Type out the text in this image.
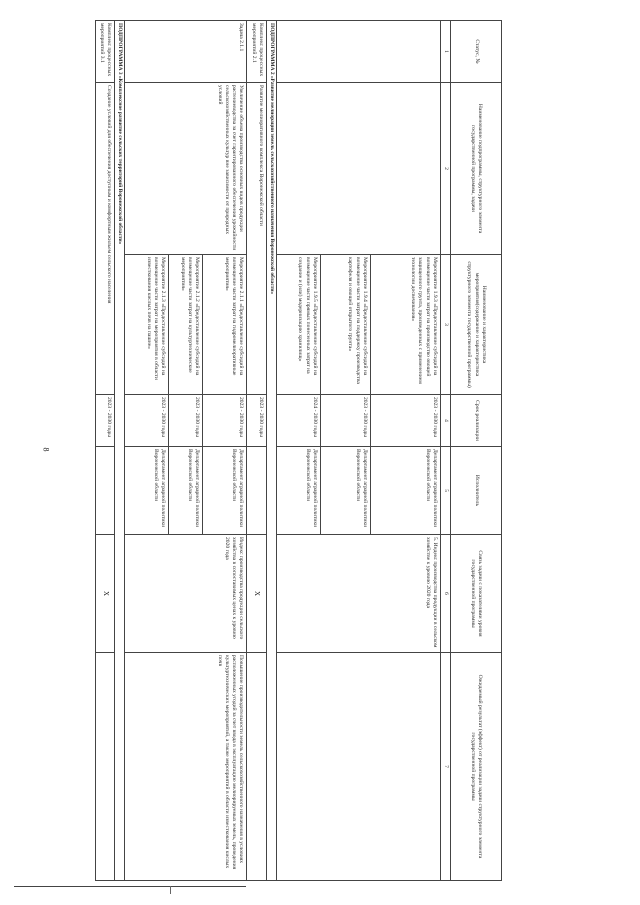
8
Статус, №	Наименование подпрограммы, структурного элемента государственной программы, задачи	Наименование и характеристика мероприятия(содержание и характеристика структурного элемента государственной программы)	Срок реализации	Исполнитель	Связь задачи с показателями уровня государственной программы	Ожидаемый результат (эффект) от реализации задачи структурного элемента государственной программы
1	2	3	4	5	6	7
		Мероприятие 1.9.3 «Предоставление субсидий на возмещение части затрат на производство овощей защищенного грунта, произведенных с применением технологии досвечивания»	2023 - 2030 годы	Департамент аграрной политики Воронежской области	5. Индекс производства продукции в сельском хозяйстве к уровню 2020 года	
		Мероприятие 1.9.4 «Предоставление субсидий на возмещение части затрат на поддержку производства картофеля и овощей открытого грунта»	2023 - 2030 годы	Департамент аграрной политики Воронежской области		
		Мероприятие 1.9.5 «Предоставление субсидий на возмещение части прямых понесенных затрат на создание и (или) модернизацию хранилищ»	2024 - 2030 годы	Департамент аграрной политики Воронежской области		
ПОДПРОГРАММА 2 «Развитие мелиорации земель сельскохозяйственного назначения Воронежской области»						
Комплекс процессных мероприятий 2.1	Развитие мелиоративного комплекса Воронежской области		2023 - 2030 годы		X	
Задача 2.1.1	Увеличение объема производства основных видов продукции растениеводства за счет гарантированного обеспечения урожайности сельскохозяйственных культур вне зависимости от природных условий	Мероприятие 2.1.1 «Предоставление субсидий на возмещение части затрат на гидромелиоративные мероприятия»	2023 - 2030 годы	Департамент аграрной политики Воронежской области	Индекс производства продукции сельского хозяйства в сопоставимых ценах к уровню 2020 года	Повышение производительности земель сельскохозяйственного назначения в условиях расположенных угодий за счет ввода в эксплуатацию мелиорируемых земель, проведения культуртехнических мероприятий, а также мероприятий в области известкования кислых почв
		Мероприятие 2.1.2 «Предоставление субсидий на возмещение части затрат на культуртехнические мероприятия»	2023 - 2030 годы	Департамент аграрной политики Воронежской области		
		Мероприятие 2.1.3 «Предоставление субсидий на возмещение части затрат на мероприятия в области известкования кислых почв на пашне»	2023 - 2030 годы	Департамент аграрной политики Воронежской области		
ПОДПРОГРАММА 3 «Комплексное развитие сельских территорий Воронежской области»						
Комплекс процессных мероприятий 3.1	Создание условий для обеспечения доступным и комфортным жильем сельского населения		2023 - 2030 годы		X	
